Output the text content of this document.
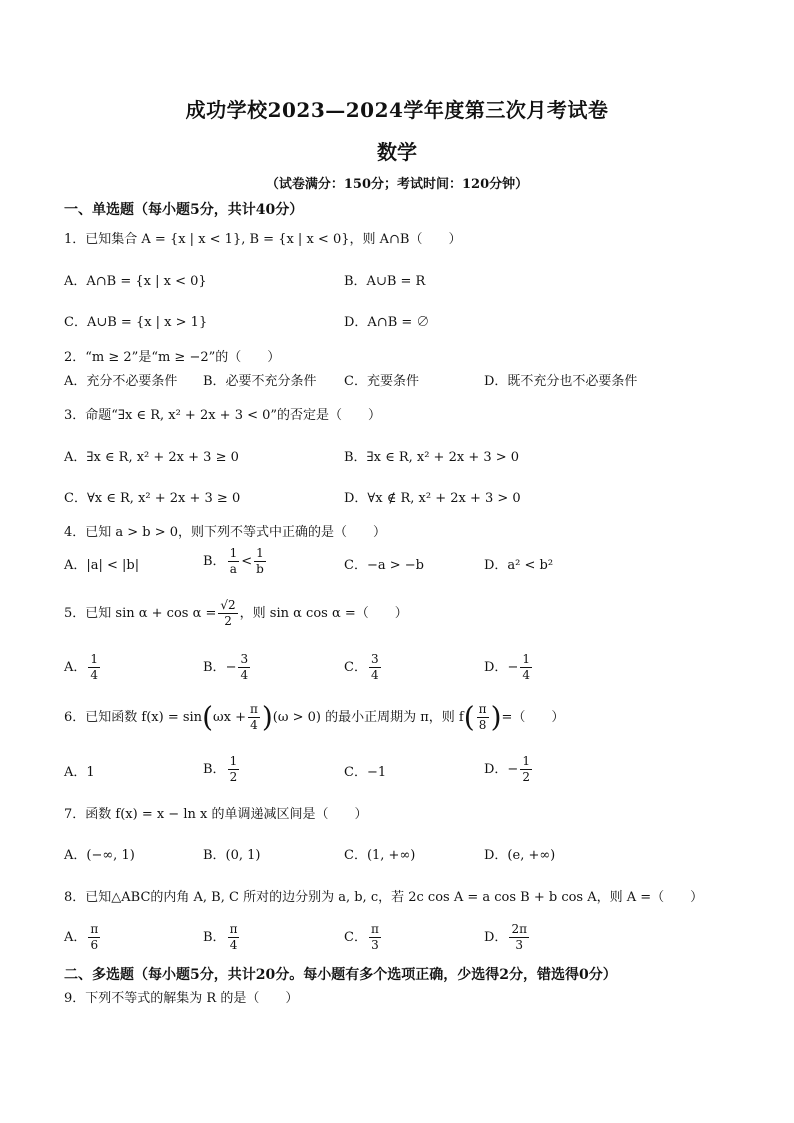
成功学校2023—2024学年度第三次月考试卷
数学
（试卷满分：150分；考试时间：120分钟）
一、单选题（每小题5分，共计40分）
1．已知集合 A = {x | x < 1}, B = {x | x < 0}，则 A∩B（　　）
A．A∩B = {x | x < 0}	B．A∪B = R
C．A∪B = {x | x > 1}	D．A∩B = ∅
2．“m ≥ 2”是“m ≥ −2”的（　　）
A．充分不必要条件 B．必要不充分条件 C．充要条件	D．既不充分也不必要条件
3．命题“∃x ∈ R, x² + 2x + 3 < 0”的否定是（　　）
A．∃x ∈ R, x² + 2x + 3 ≥ 0	B．∃x ∈ R, x² + 2x + 3 > 0
C．∀x ∈ R, x² + 2x + 3 ≥ 0	D．∀x ∉ R, x² + 2x + 3 > 0
4．已知 a > b > 0，则下列不等式中正确的是（　　）
A．|a| < |b|	B． $\frac{1}{a} < \frac{1}{b}$	C．−a > −b	D．a² < b²
5．已知 $\sin \alpha + \cos \alpha = \frac{√2}{2}$ ，则 sin α cos α =（　　）
A． $\frac{1}{4}$	B．− $\frac{3}{4}$	C． $\frac{3}{4}$	D．− $\frac{1}{4}$
6．已知函数 $f(x) = \sin(\omega x + \frac{\pi}{4} )(\omega > 0)$ 的最小正周期为 π，则 $f( \frac{\pi}{8}$ )=（　　）
A．1	B． $\frac{1}{2}$	C．−1	D．− $\frac{1}{2}$
7．函数 f(x) = x − ln x 的单调递减区间是（　　）
A．(−∞, 1)	B．(0, 1)	C．(1, +∞)	D．(e, +∞)
8．已知△ABC的内角 A, B, C 所对的边分别为 a, b, c，若 2c cos A = a cos B + b cos A，则 A =（　　）
A． $\frac{\pi}{6}$	B． $\frac{\pi}{4}$	C． $\frac{\pi}{3}$	D． $\frac{2\pi}{3}$
二、多选题（每小题5分，共计20分。每小题有多个选项正确，少选得2分，错选得0分）
9．下列不等式的解集为 R 的是（　　）
